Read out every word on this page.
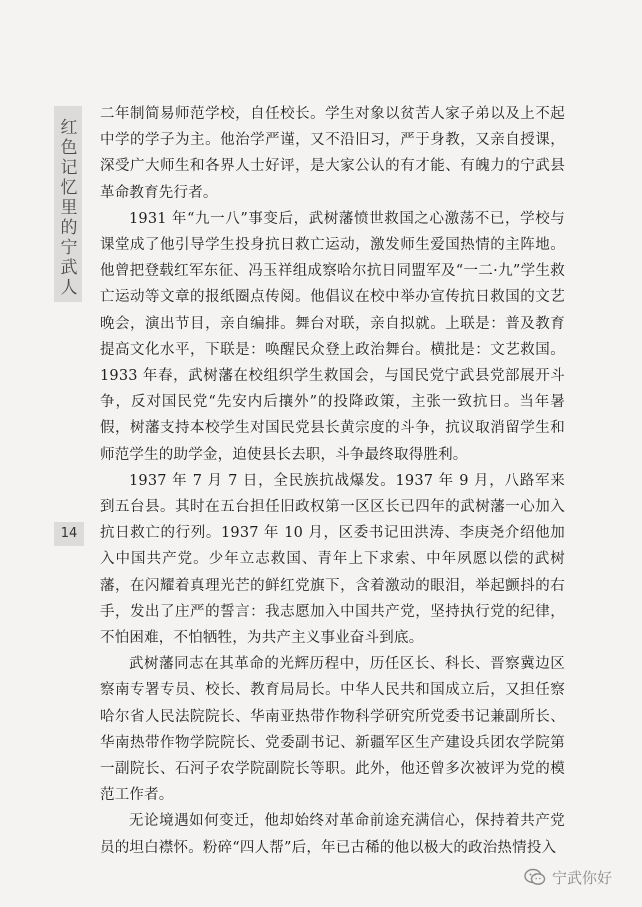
红色记忆里的宁武人
14

二年制简易师范学校，自任校长。学生对象以贫苦人家子弟以及上不起中学的学子为主。他治学严谨，又不沿旧习，严于身教，又亲自授课，深受广大师生和各界人士好评，是大家公认的有才能、有魄力的宁武县革命教育先行者。

1931 年“九一八”事变后，武树藩愤世救国之心激荡不已，学校与课堂成了他引导学生投身抗日救亡运动，激发师生爱国热情的主阵地。他曾把登载红军东征、冯玉祥组成察哈尔抗日同盟军及“一二·九”学生救亡运动等文章的报纸圈点传阅。他倡议在校中举办宣传抗日救国的文艺晚会，演出节目，亲自编排。舞台对联，亲自拟就。上联是：普及教育提高文化水平，下联是：唤醒民众登上政治舞台。横批是：文艺救国。1933 年春，武树藩在校组织学生救国会，与国民党宁武县党部展开斗争，反对国民党“先安内后攘外”的投降政策，主张一致抗日。当年暑假，树藩支持本校学生对国民党县长黄宗度的斗争，抗议取消留学生和师范学生的助学金，迫使县长去职，斗争最终取得胜利。

1937 年 7 月 7 日，全民族抗战爆发。1937 年 9 月，八路军来到五台县。其时在五台担任旧政权第一区区长已四年的武树藩一心加入抗日救亡的行列。1937 年 10 月，区委书记田洪涛、李庚尧介绍他加入中国共产党。少年立志救国、青年上下求索、中年夙愿以偿的武树藩，在闪耀着真理光芒的鲜红党旗下，含着激动的眼泪，举起颤抖的右手，发出了庄严的誓言：我志愿加入中国共产党，坚持执行党的纪律，不怕困难，不怕牺牲，为共产主义事业奋斗到底。

武树藩同志在其革命的光辉历程中，历任区长、科长、晋察冀边区察南专署专员、校长、教育局局长。中华人民共和国成立后，又担任察哈尔省人民法院院长、华南亚热带作物科学研究所党委书记兼副所长、华南热带作物学院院长、党委副书记、新疆军区生产建设兵团农学院第一副院长、石河子农学院副院长等职。此外，他还曾多次被评为党的模范工作者。

无论境遇如何变迁，他却始终对革命前途充满信心，保持着共产党员的坦白襟怀。粉碎“四人帮”后，年已古稀的他以极大的政治热情投入

宁武你好
